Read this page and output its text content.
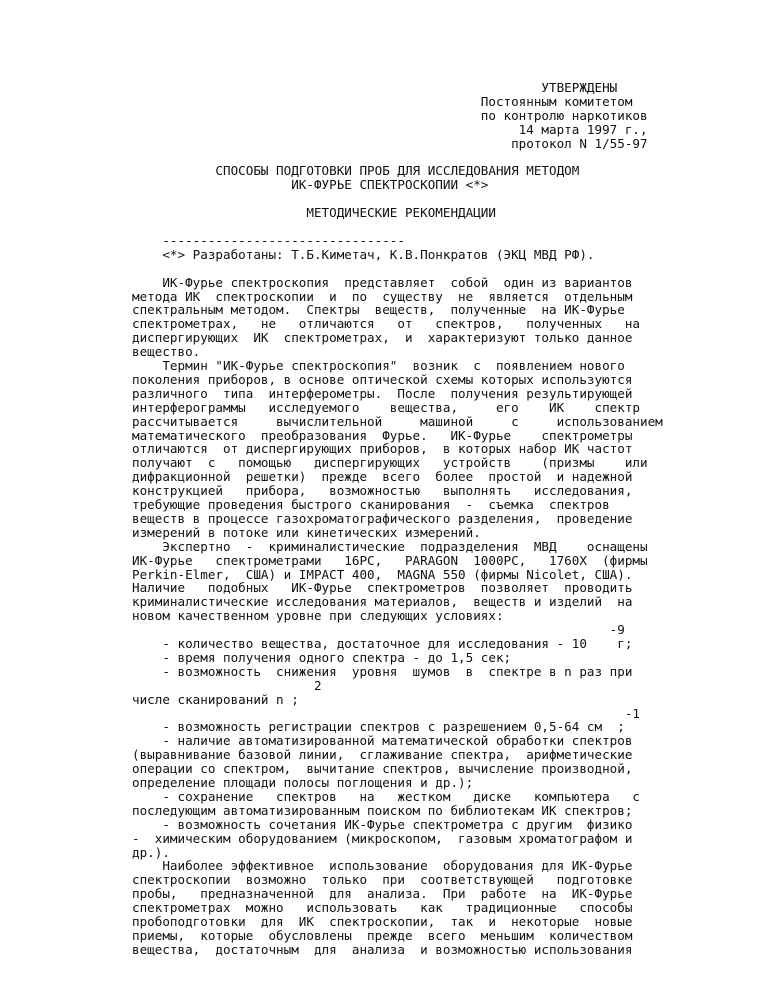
УТВЕРЖДЕНЫ
Постоянным комитетом
по контролю наркотиков
14 марта 1997 г.,
протокол N 1/55-97
СПОСОБЫ ПОДГОТОВКИ ПРОБ ДЛЯ ИССЛЕДОВАНИЯ МЕТОДОМ
ИК-ФУРЬЕ СПЕКТРОСКОПИИ <*>
МЕТОДИЧЕСКИЕ РЕКОМЕНДАЦИИ
--------------------------------
<*> Разработаны: Т.Б.Киметач, К.В.Понкратов (ЭКЦ МВД РФ).
ИК-Фурье спектроскопия  представляет  собой  один из вариантов
метода ИК  спектроскопии  и  по  существу  не  является  отдельным
спектральным методом.  Спектры  веществ,  полученные  на ИК-Фурье
спектрометрах,   не   отличаются   от   спектров,   полученных   на
диспергирующих  ИК  спектрометрах,  и  характеризуют только данное
вещество.
Термин "ИК-Фурье спектроскопия"  возник  с  появлением нового
поколения приборов, в основе оптической схемы которых используются
различного  типа  интерферометры.  После  получения результирующей
интерферограммы   исследуемого    вещества,     его    ИК    спектр
рассчитывается     вычислительной     машиной     с     использованием
математического  преобразования  Фурье.   ИК-Фурье    спектрометры
отличаются  от диспергирующих приборов,  в которых набор ИК частот
получают  с   помощью   диспергирующих   устройств    (призмы    или
дифракционной  решетки)  прежде  всего  более  простой  и надежной
конструкцией   прибора,   возможностью   выполнять   исследования,
требующие проведения быстрого сканирования  -  съемка  спектров
веществ в процессе газохроматографического разделения,  проведение
измерений в потоке или кинетических измерений.
Экспертно  -  криминалистические  подразделения  МВД    оснащены
ИК-Фурье   спектрометрами   16PC,   PARAGON  1000PC,   1760X  (фирмы
Perkin-Elmer,  США) и IMPACT 400,  MAGNA 550 (фирмы Nicolet, США).
Наличие   подобных   ИК-Фурье  спектрометров  позволяет  проводить
криминалистические исследования материалов,  веществ и изделий  на
новом качественном уровне при следующих условиях:
-9
- количество вещества, достаточное для исследования - 10    г;
- время получения одного спектра - до 1,5 сек;
- возможность  снижения  уровня  шумов  в  спектре в n раз при
2
числе сканирований n ;
-1
- возможность регистрации спектров с разрешением 0,5-64 см  ;
- наличие автоматизированной математической обработки спектров
(выравнивание базовой линии,  сглаживание спектра,  арифметические
операции со спектром,  вычитание спектров, вычисление производной,
определение площади полосы поглощения и др.);
- сохранение   спектров   на   жестком   диске   компьютера   с
последующим автоматизированным поиском по библиотекам ИК спектров;
- возможность сочетания ИК-Фурье спектрометра с другим  физико
-  химическим оборудованием (микроскопом,  газовым хроматографом и
др.).
Наиболее эффективное  использование  оборудования для ИК-Фурье
спектроскопии  возможно  только  при  соответствующей   подготовке
пробы,   предназначенной  для  анализа.  При  работе  на  ИК-Фурье
спектрометрах  можно   использовать   как   традиционные   способы
пробоподготовки  для  ИК  спектроскопии,  так  и  некоторые  новые
приемы,  которые  обусловлены  прежде  всего  меньшим  количеством
вещества,  достаточным  для  анализа  и возможностью использования
